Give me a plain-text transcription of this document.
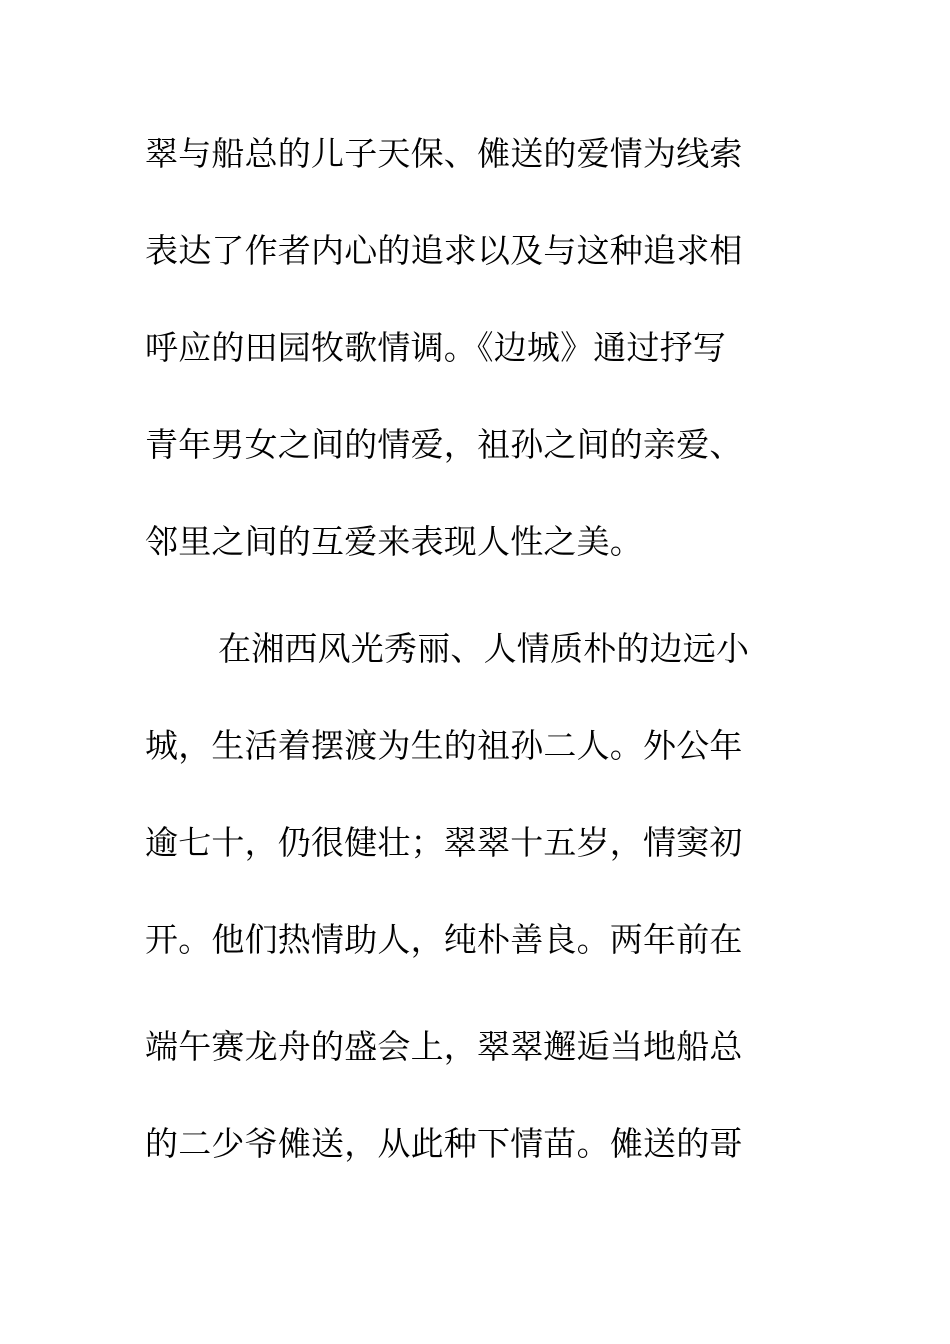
翠与船总的儿子天保、傩送的爱情为线索
表达了作者内心的追求以及与这种追求相
呼应的田园牧歌情调。《边城》通过抒写
青年男女之间的情爱，祖孙之间的亲爱、
邻里之间的互爱来表现人性之美。
在湘西风光秀丽、人情质朴的边远小
城，生活着摆渡为生的祖孙二人。外公年
逾七十，仍很健壮；翠翠十五岁，情窦初
开。他们热情助人，纯朴善良。两年前在
端午赛龙舟的盛会上，翠翠邂逅当地船总
的二少爷傩送，从此种下情苗。傩送的哥
